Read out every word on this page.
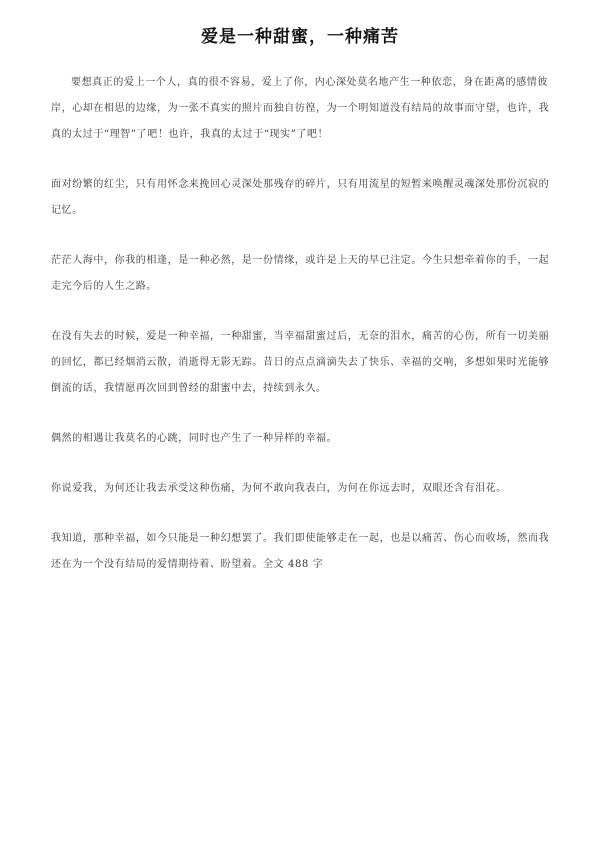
爱是一种甜蜜，一种痛苦

要想真正的爱上一个人，真的很不容易，爱上了你，内心深处莫名地产生一种依恋，身在距离的感情彼岸，心却在相思的边缘，为一张不真实的照片而独自彷徨，为一个明知道没有结局的故事而守望，也许，我真的太过于“理智”了吧！也许，我真的太过于“现实”了吧！

面对纷繁的红尘，只有用怀念来挽回心灵深处那残存的碎片，只有用流星的短暂来唤醒灵魂深处那份沉寂的记忆。

茫茫人海中，你我的相逢，是一种必然，是一份情缘，或许是上天的早已注定。今生只想牵着你的手，一起走完今后的人生之路。

在没有失去的时候，爱是一种幸福，一种甜蜜，当幸福甜蜜过后，无奈的泪水，痛苦的心伤，所有一切美丽的回忆，都已经烟消云散，消逝得无影无踪。昔日的点点滴滴失去了快乐、幸福的交响，多想如果时光能够倒流的话，我情愿再次回到曾经的甜蜜中去，持续到永久。

偶然的相遇让我莫名的心跳，同时也产生了一种异样的幸福。

你说爱我，为何还让我去承受这种伤痛，为何不敢向我表白，为何在你远去时，双眼还含有泪花。

我知道，那种幸福，如今只能是一种幻想罢了。我们即使能够走在一起，也是以痛苦、伤心而收场，然而我还在为一个没有结局的爱情期待着、盼望着。全文 488 字
